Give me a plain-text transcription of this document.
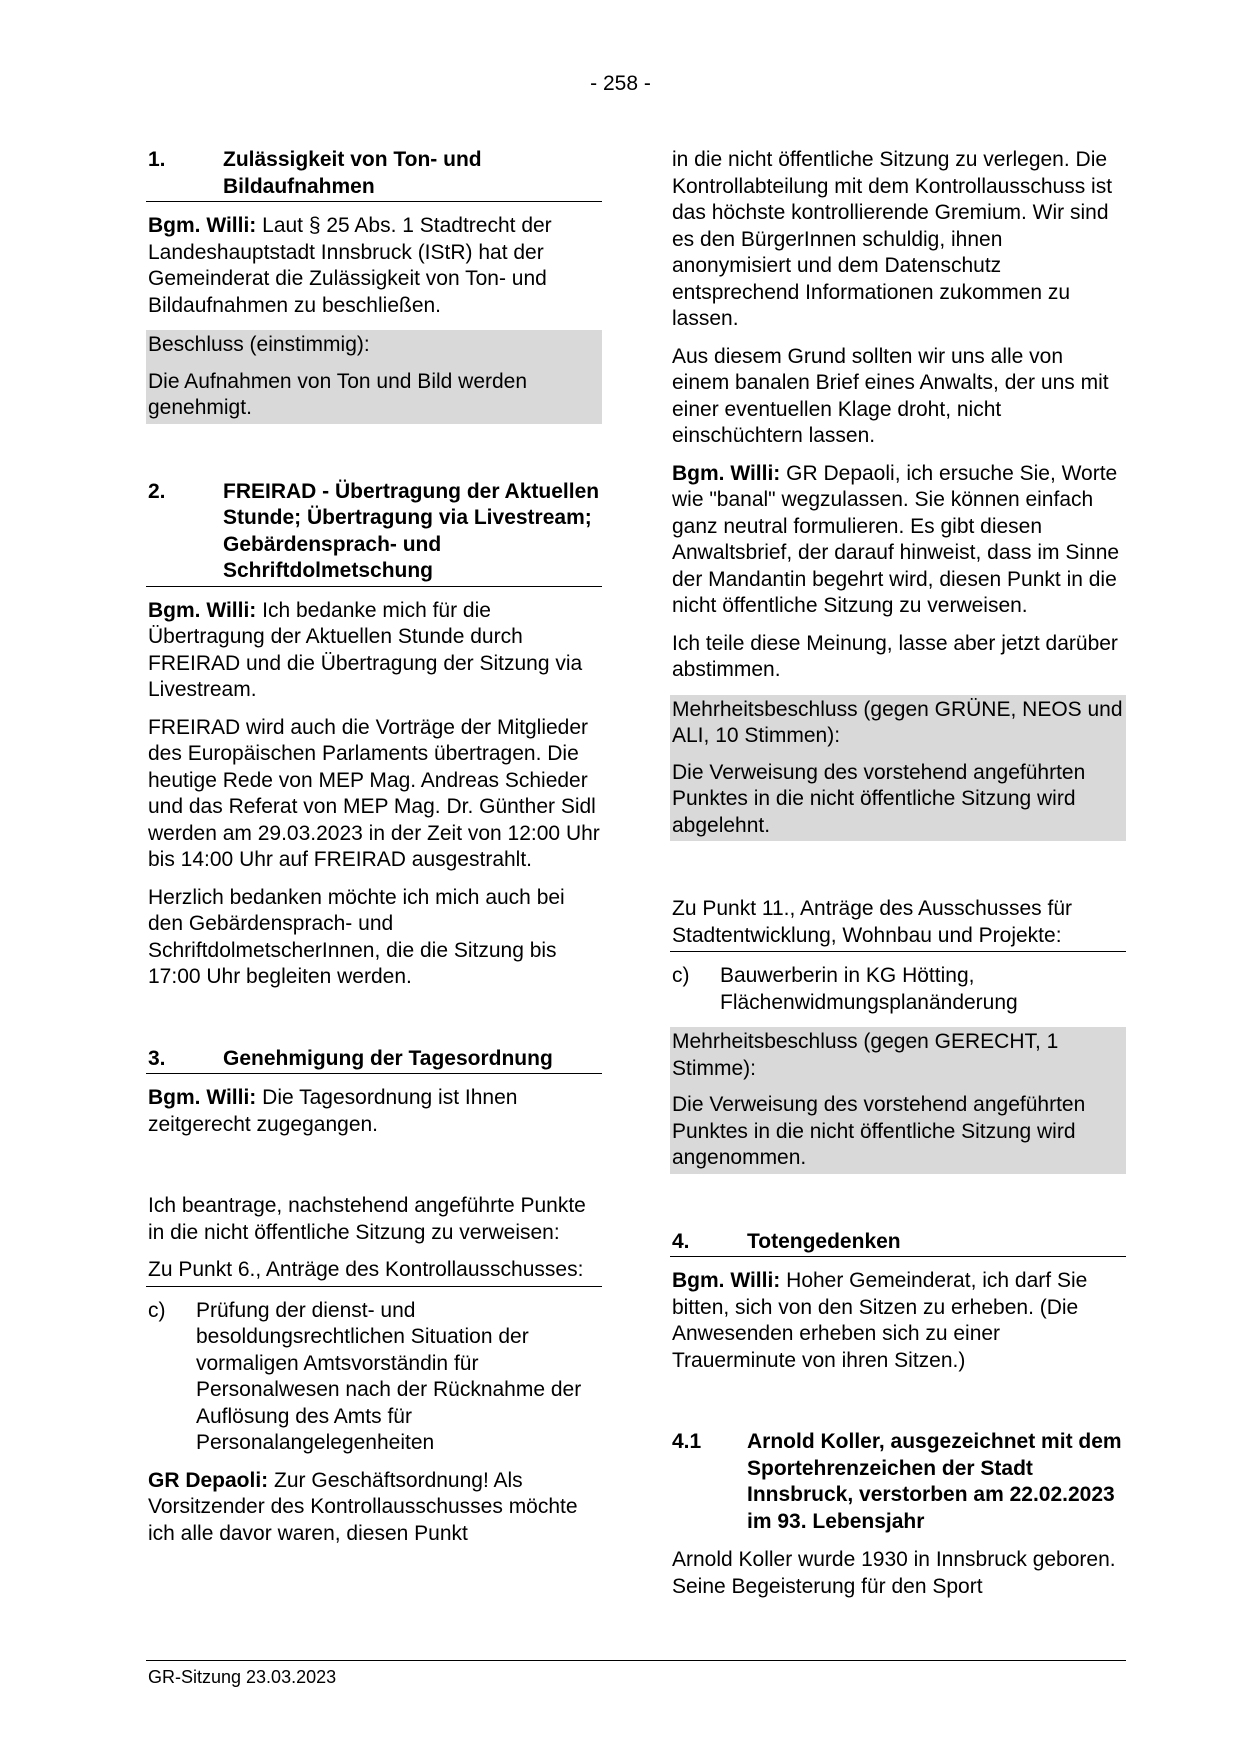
- 258 -
1.	Zulässigkeit von Ton- und Bildaufnahmen

Bgm. Willi: Laut § 25 Abs. 1 Stadtrecht der Landeshauptstadt Innsbruck (IStR) hat der Gemeinderat die Zulässigkeit von Ton- und Bildaufnahmen zu beschließen.

Beschluss (einstimmig):

Die Aufnahmen von Ton und Bild werden genehmigt.

2.	FREIRAD - Übertragung der Aktuellen Stunde; Übertragung via Livestream; Gebärdensprach- und Schriftdolmetschung

Bgm. Willi: Ich bedanke mich für die Übertragung der Aktuellen Stunde durch FREIRAD und die Übertragung der Sitzung via Livestream.

FREIRAD wird auch die Vorträge der Mitglieder des Europäischen Parlaments übertragen. Die heutige Rede von MEP Mag. Andreas Schieder und das Referat von MEP Mag. Dr. Günther Sidl werden am 29.03.2023 in der Zeit von 12:00 Uhr bis 14:00 Uhr auf FREIRAD ausgestrahlt.

Herzlich bedanken möchte ich mich auch bei den Gebärdensprach- und SchriftdolmetscherInnen, die die Sitzung bis 17:00 Uhr begleiten werden.

3.	Genehmigung der Tagesordnung

Bgm. Willi: Die Tagesordnung ist Ihnen zeitgerecht zugegangen.

Ich beantrage, nachstehend angeführte Punkte in die nicht öffentliche Sitzung zu verweisen:

Zu Punkt 6., Anträge des Kontrollausschusses:

c)	Prüfung der dienst- und besoldungsrechtlichen Situation der vormaligen Amtsvorständin für Personalwesen nach der Rücknahme der Auflösung des Amts für Personalangelegenheiten

GR Depaoli: Zur Geschäftsordnung! Als Vorsitzender des Kontrollausschusses möchte ich alle davor waren, diesen Punkt

in die nicht öffentliche Sitzung zu verlegen. Die Kontrollabteilung mit dem Kontrollausschuss ist das höchste kontrollierende Gremium. Wir sind es den BürgerInnen schuldig, ihnen anonymisiert und dem Datenschutz entsprechend Informationen zukommen zu lassen.

Aus diesem Grund sollten wir uns alle von einem banalen Brief eines Anwalts, der uns mit einer eventuellen Klage droht, nicht einschüchtern lassen.

Bgm. Willi: GR Depaoli, ich ersuche Sie, Worte wie "banal" wegzulassen. Sie können einfach ganz neutral formulieren. Es gibt diesen Anwaltsbrief, der darauf hinweist, dass im Sinne der Mandantin begehrt wird, diesen Punkt in die nicht öffentliche Sitzung zu verweisen.

Ich teile diese Meinung, lasse aber jetzt darüber abstimmen.

Mehrheitsbeschluss (gegen GRÜNE, NEOS und ALI, 10 Stimmen):

Die Verweisung des vorstehend angeführten Punktes in die nicht öffentliche Sitzung wird abgelehnt.

Zu Punkt 11., Anträge des Ausschusses für Stadtentwicklung, Wohnbau und Projekte:

c)	Bauwerberin in KG Hötting, Flächenwidmungsplanänderung

Mehrheitsbeschluss (gegen GERECHT, 1 Stimme):

Die Verweisung des vorstehend angeführten Punktes in die nicht öffentliche Sitzung wird angenommen.

4.	Totengedenken

Bgm. Willi: Hoher Gemeinderat, ich darf Sie bitten, sich von den Sitzen zu erheben. (Die Anwesenden erheben sich zu einer Trauerminute von ihren Sitzen.)

4.1	Arnold Koller, ausgezeichnet mit dem Sportehrenzeichen der Stadt Innsbruck, verstorben am 22.02.2023 im 93. Lebensjahr

Arnold Koller wurde 1930 in Innsbruck geboren. Seine Begeisterung für den Sport

GR-Sitzung 23.03.2023
